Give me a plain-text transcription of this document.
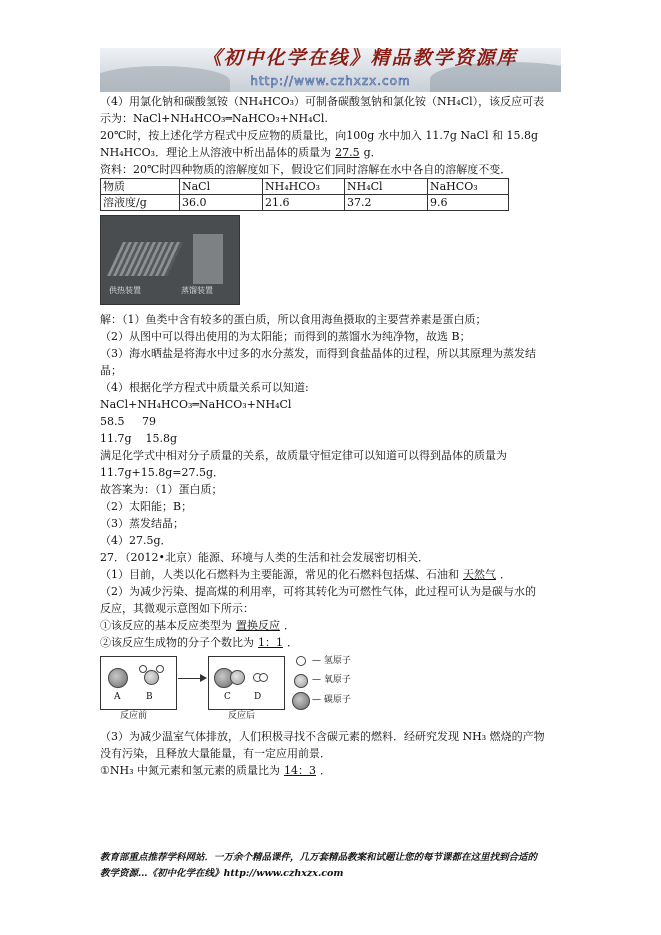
《初中化学在线》精品教学资源库
http://www.czhxzx.com

（4）用氯化钠和碳酸氢铵（NH₄HCO₃）可制备碳酸氢钠和氯化铵（NH₄Cl），该反应可表

示为：NaCl+NH₄HCO₃═NaHCO₃+NH₄Cl.

20℃时，按上述化学方程式中反应物的质量比，向100g 水中加入 11.7g NaCl 和 15.8g

NH₄HCO₃．理论上从溶液中析出晶体的质量为 27.5 g．

资料：20℃时四种物质的溶解度如下，假设它们同时溶解在水中各自的溶解度不变．

物质	NaCl	NH₄HCO₃	NH₄Cl	NaHCO₃
溶液度/g	36.0	21.6	37.2	9.6
供热装置	蒸馏装置

解：（1）鱼类中含有较多的蛋白质，所以食用海鱼摄取的主要营养素是蛋白质；

（2）从图中可以得出使用的为太阳能；而得到的蒸馏水为纯净物，故选 B；

（3）海水晒盐是将海水中过多的水分蒸发，而得到食盐晶体的过程，所以其原理为蒸发结

晶；

（4）根据化学方程式中质量关系可以知道:

NaCl+NH₄HCO₃═NaHCO₃+NH₄Cl

58.5     79

11.7g    15.8g

满足化学式中相对分子质量的关系，故质量守恒定律可以知道可以得到晶体的质量为

11.7g+15.8g=27.5g．

故答案为：（1）蛋白质；

（2）太阳能；B；

（3）蒸发结晶；

（4）27.5g．

27．（2012•北京）能源、环境与人类的生活和社会发展密切相关．

（1）目前，人类以化石燃料为主要能源，常见的化石燃料包括煤、石油和 天然气 ．

（2）为减少污染、提高煤的利用率，可将其转化为可燃性气体，此过程可认为是碳与水的

反应，其微观示意图如下所示：

①该反应的基本反应类型为 置换反应 ．

②该反应生成物的分子个数比为 1：1 ．

A	B
反应前
C	D
反应后
— 氢原子
— 氧原子
— 碳原子

（3）为减少温室气体排放，人们积极寻找不含碳元素的燃料．经研究发现 NH₃ 燃烧的产物

没有污染，且释放大量能量，有一定应用前景．

①NH₃ 中氮元素和氢元素的质量比为 14：3 ．

教育部重点推荐学科网站．一万余个精品课件，几万套精品教案和试题让您的每节课都在这里找到合适的
教学资源…《初中化学在线》http://www.czhxzx.com
